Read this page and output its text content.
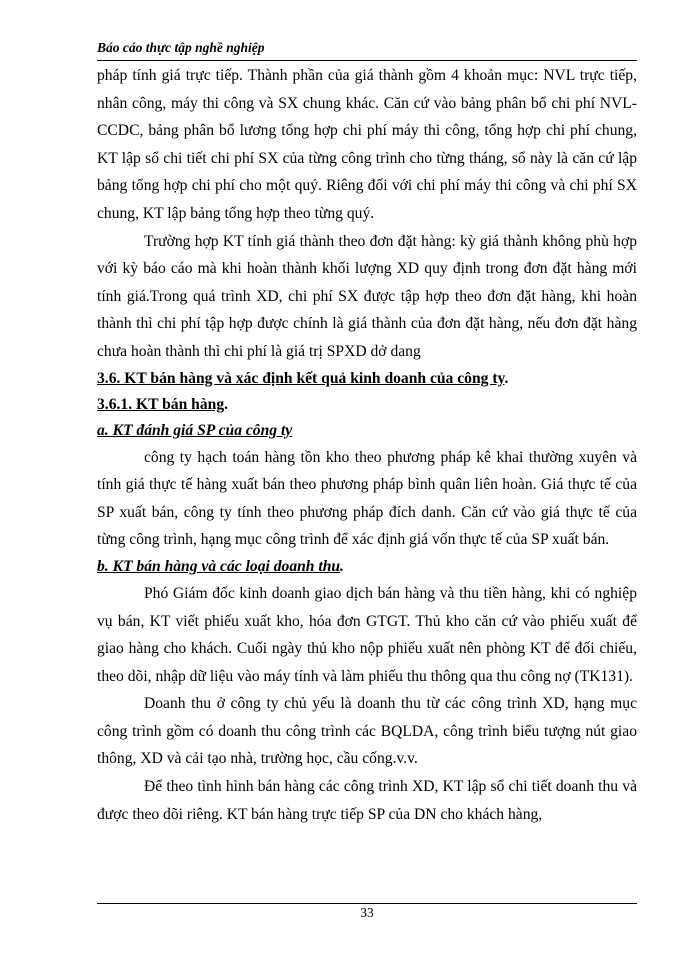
Báo cáo thực tập nghề nghiệp

pháp tính giá trực tiếp. Thành phần của giá thành gồm 4 khoản mục: NVL trực tiếp, nhân công, máy thi công và SX chung khác. Căn cứ vào bảng phân bổ chi phí NVL-CCDC, bảng phân bổ lương tổng hợp chi phí máy thi công, tổng hợp chi phí chung, KT lập sổ chi tiết chi phí SX của từng công trình cho từng tháng, sổ này là căn cứ lập bảng tổng hợp chi phí cho một quý. Riêng đối với chi phí máy thi công và chi phí SX chung, KT lập bảng tổng hợp theo từng quý.

Trường hợp KT tính giá thành theo đơn đặt hàng: kỳ giá thành không phù hợp với kỳ báo cáo mà khi hoàn thành khối lượng XD quy định trong đơn đặt hàng mới tính giá.Trong quá trình XD, chi phí SX được tập hợp theo đơn đặt hàng, khi hoàn thành thì chi phí tập hợp được chính là giá thành của đơn đặt hàng, nếu đơn đặt hàng chưa hoàn thành thì chi phí là giá trị SPXD dở dang

3.6. KT bán hàng và xác định kết quả kinh doanh của công ty.

3.6.1. KT bán hàng.

a. KT đánh giá SP của công ty

công ty hạch toán hàng tồn kho theo phương pháp kê khai thường xuyên và tính giá thực tế hàng xuất bán theo phương pháp bình quân liên hoàn. Giá thực tế của SP xuất bán, công ty tính theo phương pháp đích danh. Căn cứ vào giá thực tế của từng công trình, hạng mục công trình để xác định giá vốn thực tế của SP xuất bán.

b. KT bán hàng và các loại doanh thu.

Phó Giám đốc kinh doanh giao dịch bán hàng và thu tiền hàng, khi có nghiệp vụ bán, KT viết phiếu xuất kho, hóa đơn GTGT. Thủ kho căn cứ vào phiếu xuất để giao hàng cho khách. Cuối ngày thủ kho nộp phiếu xuất nên phòng KT để đối chiếu, theo dõi, nhập dữ liệu vào máy tính và làm phiếu thu thông qua thu công nợ (TK131).

Doanh thu ở công ty chủ yếu là doanh thu từ các công trình XD, hạng mục công trình gồm có doanh thu công trình các BQLDA, công trình biểu tượng nút giao thông, XD và cải tạo nhà, trường học, cầu cống.v.v.

Để theo tình hình bán hàng các công trình XD, KT lập sổ chi tiết doanh thu và được theo dõi riêng. KT bán hàng trực tiếp SP của DN cho khách hàng,

33
